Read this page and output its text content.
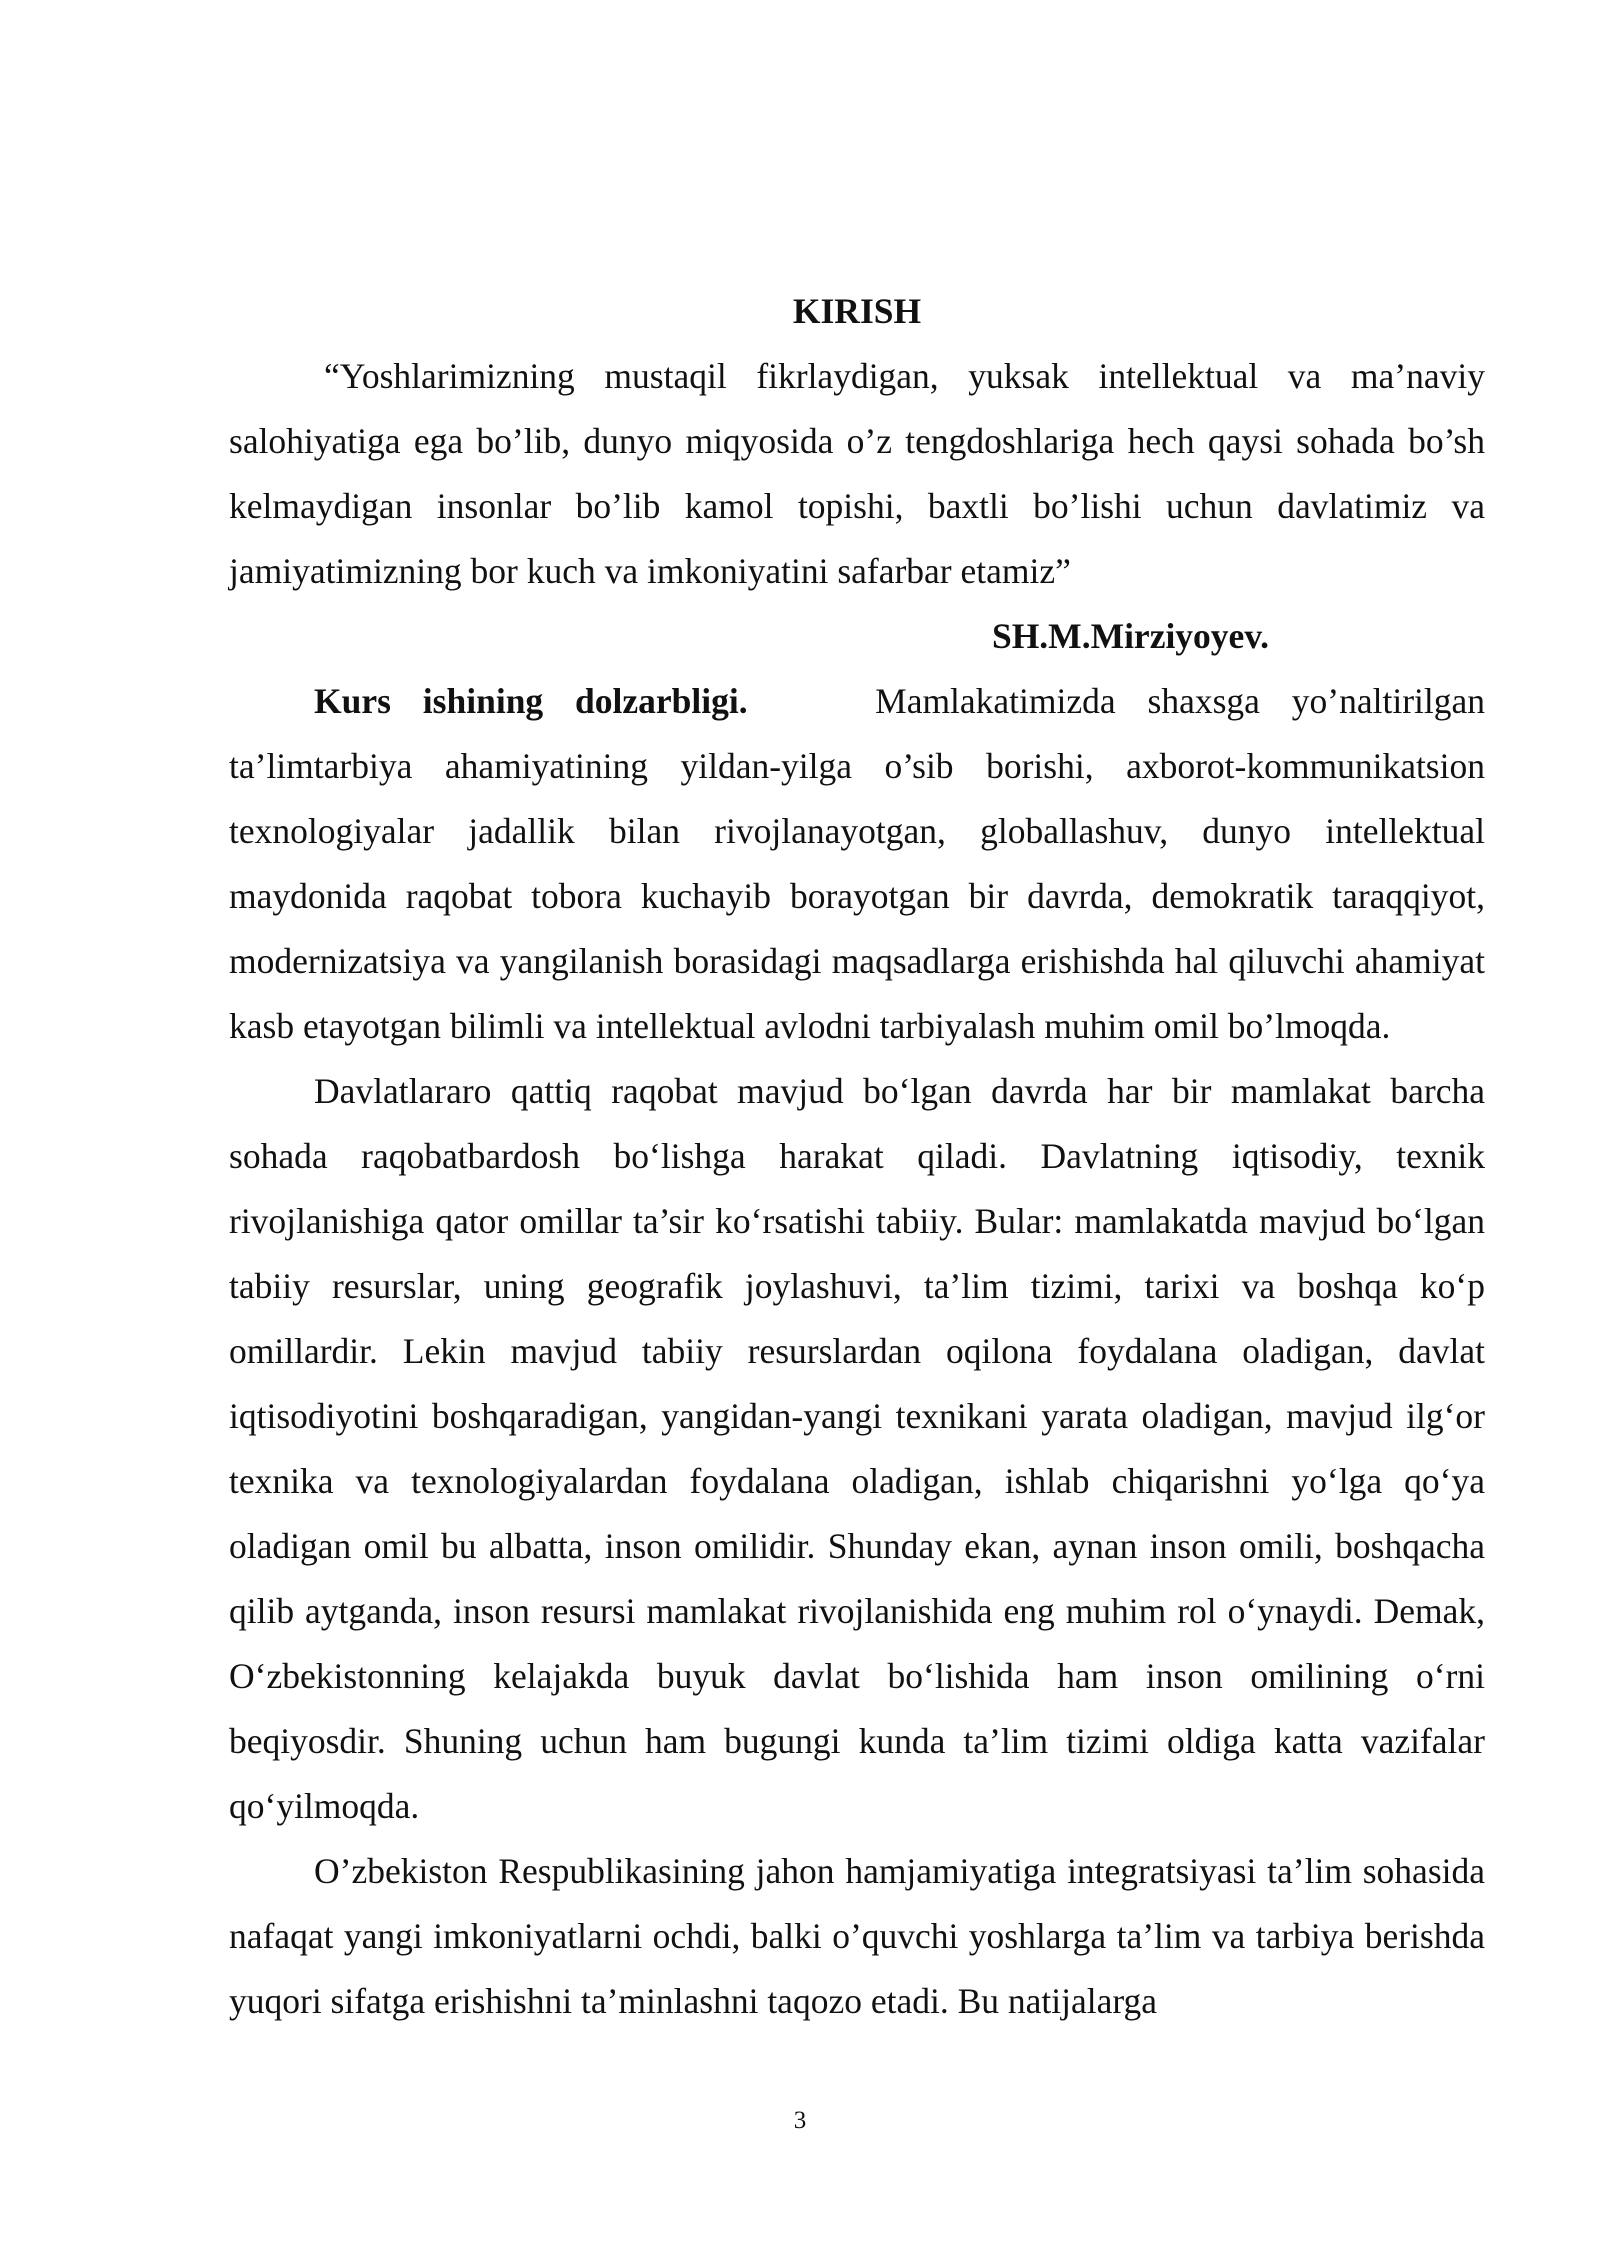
KIRISH

“Yoshlarimizning mustaqil fikrlaydigan, yuksak intellektual va ma’naviy salohiyatiga ega bo’lib, dunyo miqyosida o’z tengdoshlariga hech qaysi sohada bo’sh kelmaydigan insonlar bo’lib kamol topishi, baxtli bo’lishi uchun davlatimiz va jamiyatimizning bor kuch va imkoniyatini safarbar etamiz”

SH.M.Mirziyoyev.

Kurs ishining dolzarbligi.	Mamlakatimizda shaxsga yo’naltirilgan ta’limtarbiya ahamiyatining yildan-yilga o’sib borishi, axborot-kommunikatsion texnologiyalar jadallik bilan rivojlanayotgan, globallashuv, dunyo intellektual maydonida raqobat tobora kuchayib borayotgan bir davrda, demokratik taraqqiyot, modernizatsiya va yangilanish borasidagi maqsadlarga erishishda hal qiluvchi ahamiyat kasb etayotgan bilimli va intellektual avlodni tarbiyalash muhim omil bo’lmoqda.

Davlatlararo qattiq raqobat mavjud bo‘lgan davrda har bir mamlakat barcha sohada raqobatbardosh bo‘lishga harakat qiladi. Davlatning iqtisodiy, texnik rivojlanishiga qator omillar ta’sir ko‘rsatishi tabiiy. Bular: mamlakatda mavjud bo‘lgan tabiiy resurslar, uning geografik joylashuvi, ta’lim tizimi, tarixi va boshqa ko‘p omillardir. Lekin mavjud tabiiy resurslardan oqilona foydalana oladigan, davlat iqtisodiyotini boshqaradigan, yangidan-yangi texnikani yarata oladigan, mavjud ilg‘or texnika va texnologiyalardan foydalana oladigan, ishlab chiqarishni yo‘lga qo‘ya oladigan omil bu albatta, inson omilidir. Shunday ekan, aynan inson omili, boshqacha qilib aytganda, inson resursi mamlakat rivojlanishida eng muhim rol o‘ynaydi. Demak, O‘zbekistonning kelajakda buyuk davlat bo‘lishida ham inson omilining o‘rni beqiyosdir. Shuning uchun ham bugungi kunda ta’lim tizimi oldiga katta vazifalar qo‘yilmoqda.

O’zbekiston Respublikasining jahon hamjamiyatiga integratsiyasi ta’lim sohasida nafaqat yangi imkoniyatlarni ochdi, balki o’quvchi yoshlarga ta’lim va tarbiya berishda yuqori sifatga erishishni ta’minlashni taqozo etadi. Bu natijalarga

3
